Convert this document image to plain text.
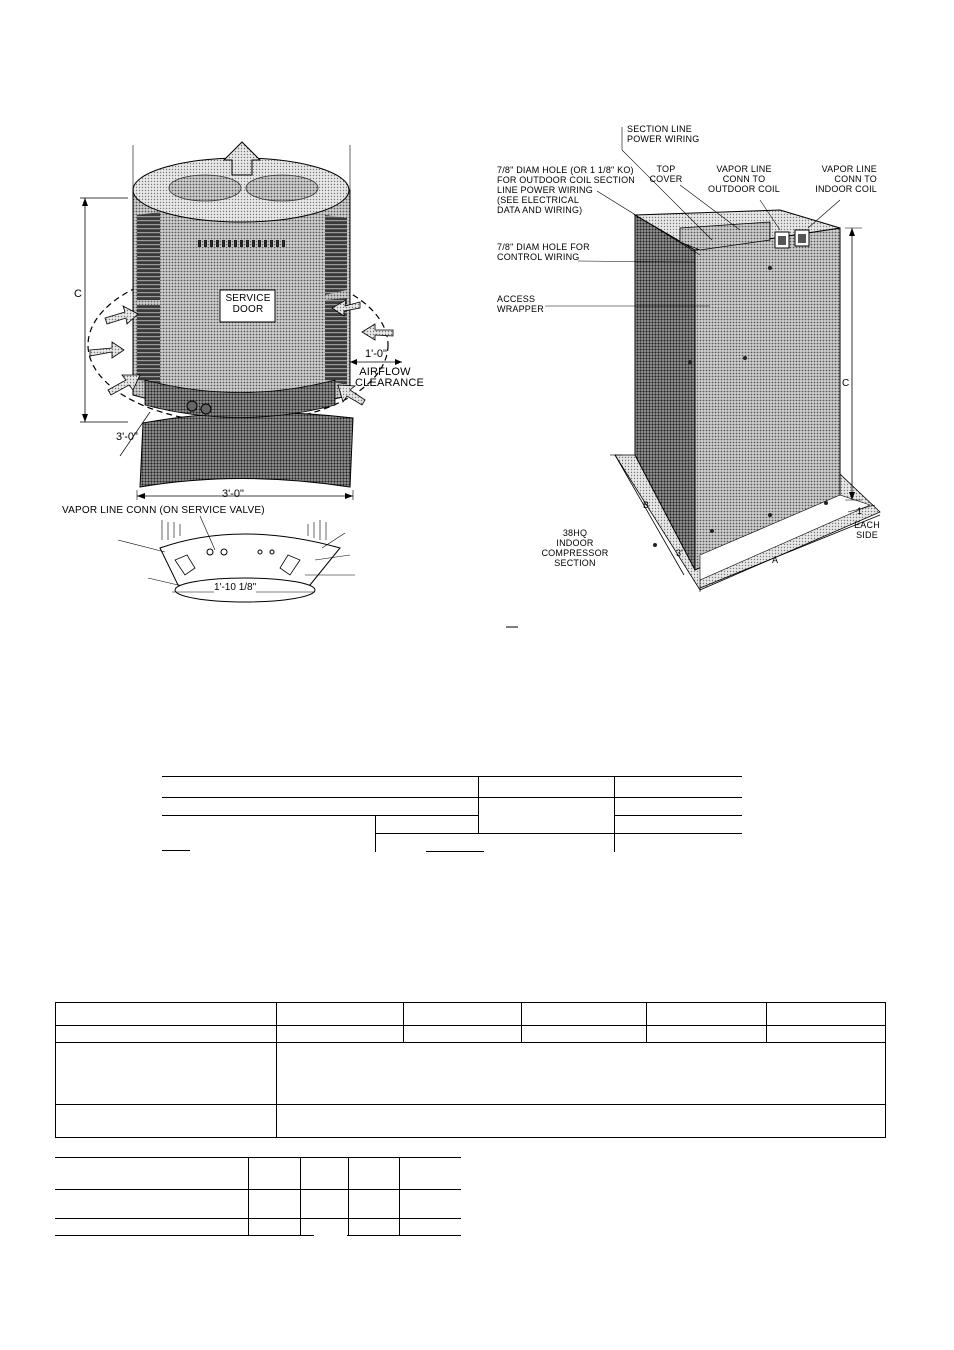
SERVICE
DOOR
C
1'-0"
AIRFLOW
CLEARANCE
3'-0"
3'-0"
VAPOR LINE CONN (ON SERVICE VALVE)
1'-10 1/8"
SECTION LINE
POWER WIRING
7/8" DIAM HOLE (OR 1 1/8" KO)
FOR OUTDOOR COIL SECTION
LINE POWER WIRING
(SEE ELECTRICAL
DATA AND WIRING)
TOP
COVER
VAPOR LINE
CONN TO
OUTDOOR COIL
VAPOR LINE
CONN TO
INDOOR COIL
7/8" DIAM HOLE FOR
CONTROL WIRING
ACCESS
WRAPPER
C
A
B
3'
1'
EACH
SIDE
38HQ
INDOOR
COMPRESSOR
SECTION
